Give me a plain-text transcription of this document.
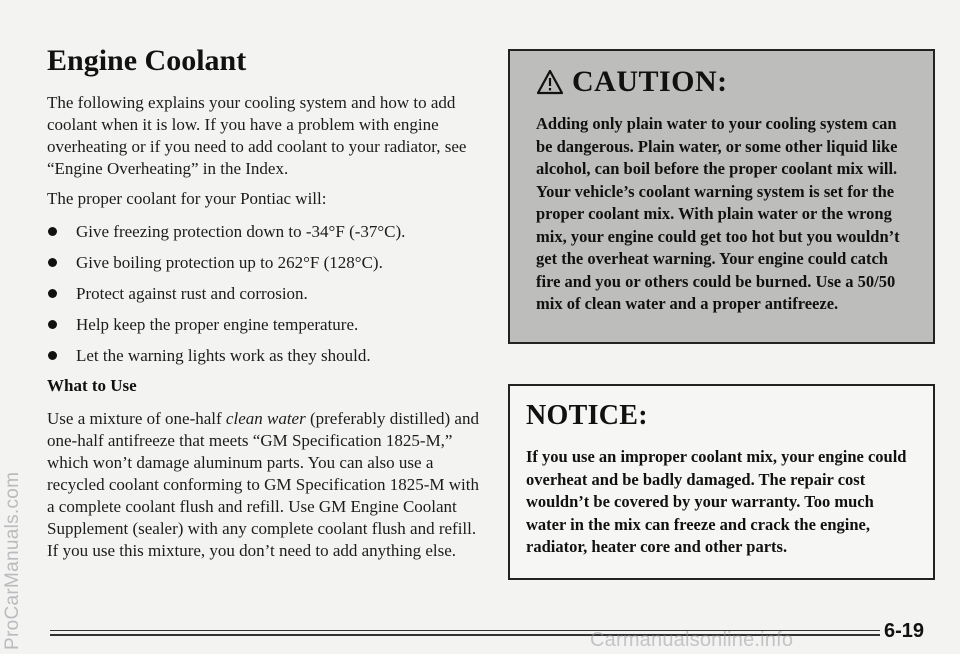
ProCarManuals.com
Engine Coolant

The following explains your cooling system and how to add coolant when it is low. If you have a problem with engine overheating or if you need to add coolant to your radiator, see “Engine Overheating” in the Index.

The proper coolant for your Pontiac will:

Give freezing protection down to -34°F (-37°C).
Give boiling protection up to 262°F (128°C).
Protect against rust and corrosion.
Help keep the proper engine temperature.
Let the warning lights work as they should.
What to Use

Use a mixture of one-half clean water (preferably distilled) and one-half antifreeze that meets “GM Specification 1825-M,” which won’t damage aluminum parts. You can also use a recycled coolant conforming to GM Specification 1825-M with a complete coolant flush and refill. Use GM Engine Coolant Supplement (sealer) with any complete coolant flush and refill. If you use this mixture, you don’t need to add anything else.

CAUTION:

Adding only plain water to your cooling system can be dangerous. Plain water, or some other liquid like alcohol, can boil before the proper coolant mix will. Your vehicle’s coolant warning system is set for the proper coolant mix. With plain water or the wrong mix, your engine could get too hot but you wouldn’t get the overheat warning. Your engine could catch fire and you or others could be burned. Use a 50/50 mix of clean water and a proper antifreeze.

NOTICE:

If you use an improper coolant mix, your engine could overheat and be badly damaged. The repair cost wouldn’t be covered by your warranty. Too much water in the mix can freeze and crack the engine, radiator, heater core and other parts.

6-19
Carmanualsonline.info
